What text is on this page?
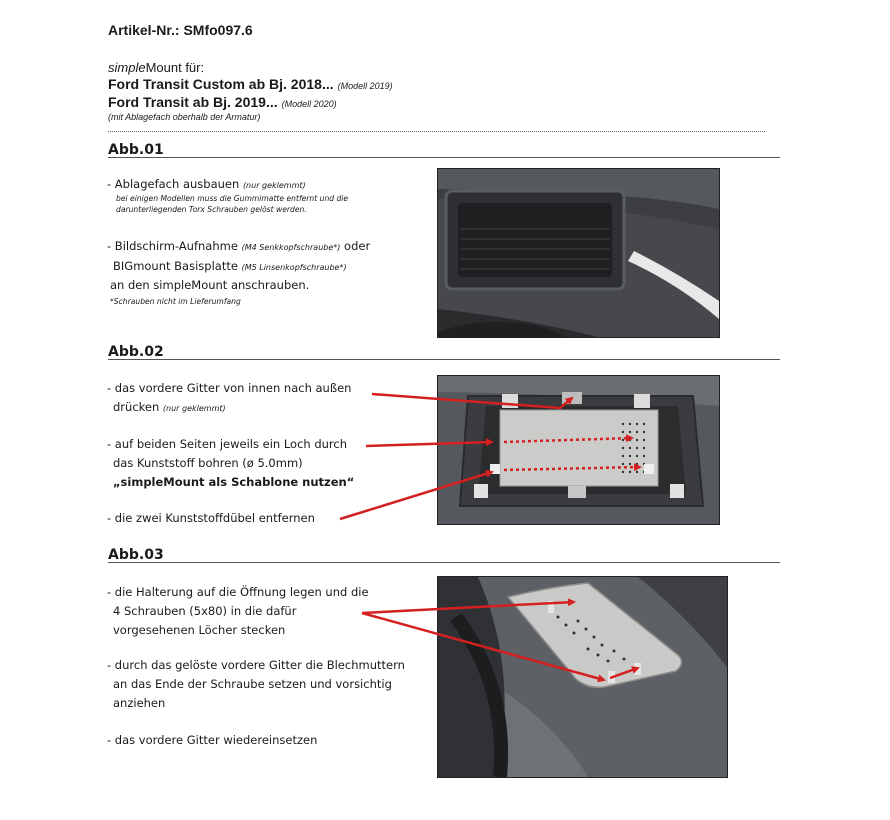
Artikel-Nr.: SMfo097.6
simpleMount für:
Ford Transit Custom ab Bj. 2018... (Modell 2019)
Ford Transit ab Bj. 2019... (Modell 2020)
(mit Ablagefach oberhalb der Armatur)
Abb.01
- Ablagefach ausbauen (nur geklemmt)
bei einigen Modellen muss die Gummimatte entfernt und die
darunterliegenden Torx Schrauben gelöst werden.
- Bildschirm-Aufnahme (M4 Senkkopfschraube*) oder
BIGmount Basisplatte (M5 Linsenkopfschraube*)
an den simpleMount anschrauben.
*Schrauben nicht im Lieferumfang
Abb.02
- das vordere Gitter von innen nach außen
drücken (nur geklemmt)
- auf beiden Seiten jeweils ein Loch durch
das Kunststoff bohren (ø 5.0mm)
„simpleMount als Schablone nutzen“
- die zwei Kunststoffdübel entfernen
Abb.03
- die Halterung auf die Öffnung legen und die
4 Schrauben (5x80) in die dafür
vorgesehenen Löcher stecken
- durch das gelöste vordere Gitter die Blechmuttern
an das Ende der Schraube setzen und vorsichtig
anziehen
- das vordere Gitter wiedereinsetzen
